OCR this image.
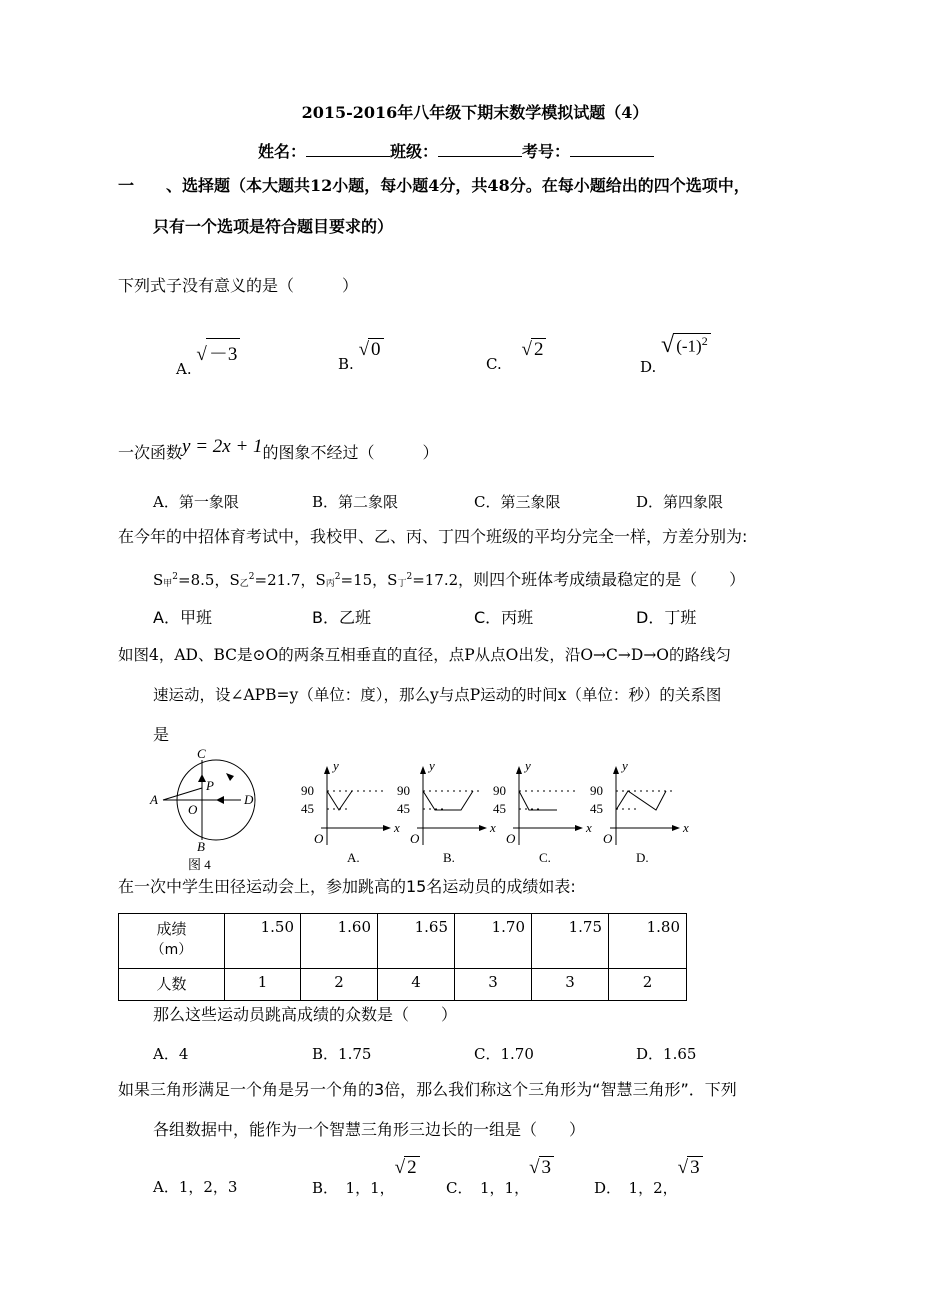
2015-2016年八年级下期末数学模拟试题（4）
姓名：	班级：	考号：
一　　 、选择题（本大题共12小题，每小题4分，共48分。在每小题给出的四个选项中，
只有一个选项是符合题目要求的）
下列式子没有意义的是（　　　）
A. √ －3	B. √ 0
C.　 √ 2
D. √ $(-1)^2$
一次函数y = 2x + 1的图象不经过（　　　）
A．第一象限	B．第二象限	C．第三象限	D．第四象限
在今年的中招体育考试中，我校甲、乙、丙、丁四个班级的平均分完全一样，方差分别为:
$S_甲^2=8.5$，$S_乙^2=21.7$，$S_丙^2=15$，$S_丁^2=17.2$，则四个班体考成绩最稳定的是（　　）
A．甲班	B．乙班	C．丙班	D．丁班
如图4，AD、BC是⊙O的两条互相垂直的直径，点P从点O出发，沿O→C→D→O的路线匀
速运动，设∠APB=y（单位：度），那么y与点P运动的时间x（单位：秒）的关系图
是
C
B
A	D
O
P
图 4
90
45
y
x
O
A.
90
45
y
x
O
B.
90
45
y
x
O
C.
90
45
y
x
O
D.
在一次中学生田径运动会上，参加跳高的15名运动员的成绩如表:
成绩
（m）	1.50	1.60	1.65	1.70	1.75	1.80
人数	1	2	4	3	3	2
那么这些运动员跳高成绩的众数是（　　）
A．4	B．1.75	C．1.70	D．1.65
如果三角形满足一个角是另一个角的3倍，那么我们称这个三角形为“智慧三角形”．下列
各组数据中，能作为一个智慧三角形三边长的一组是（　　）
A．1，2，3	B．　1，1，√ 2
C．　1，1，√ 3
D．　1，2，√ 3
